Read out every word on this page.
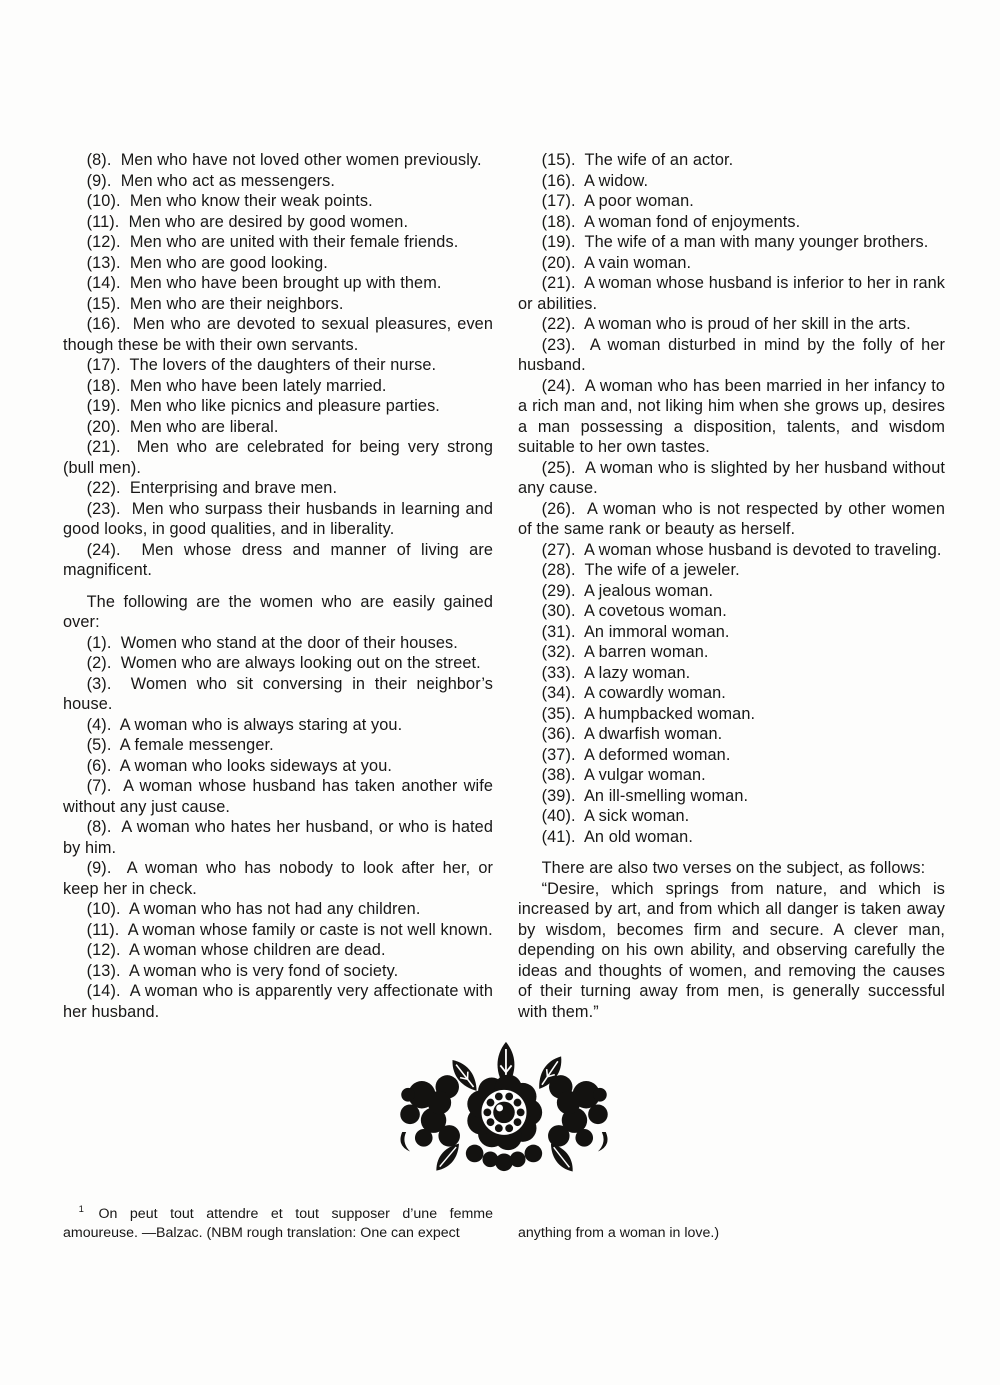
(8).  Men who have not loved other women previously.

(9).  Men who act as messengers.

(10).  Men who know their weak points.

(11).  Men who are desired by good women.

(12).  Men who are united with their female friends.

(13).  Men who are good looking.

(14).  Men who have been brought up with them.

(15).  Men who are their neighbors.

(16).  Men who are devoted to sexual pleasures, even though these be with their own servants.

(17).  The lovers of the daughters of their nurse.

(18).  Men who have been lately married.

(19).  Men who like picnics and pleasure parties.

(20).  Men who are liberal.

(21).  Men who are celebrated for being very strong (bull men).

(22).  Enterprising and brave men.

(23).  Men who surpass their husbands in learning and good looks, in good qualities, and in liberality.

(24).  Men whose dress and manner of living are magnificent.

The following are the women who are easily gained over:

(1).  Women who stand at the door of their houses.

(2).  Women who are always looking out on the street.

(3).  Women who sit conversing in their neighbor’s house.

(4).  A woman who is always staring at you.

(5).  A female messenger.

(6).  A woman who looks sideways at you.

(7).  A woman whose husband has taken another wife without any just cause.

(8).  A woman who hates her husband, or who is hated by him.

(9).  A woman who has nobody to look after her, or keep her in check.

(10).  A woman who has not had any children.

(11).  A woman whose family or caste is not well known.

(12).  A woman whose children are dead.

(13).  A woman who is very fond of society.

(14).  A woman who is apparently very affectionate with her husband.

(15).  The wife of an actor.

(16).  A widow.

(17).  A poor woman.

(18).  A woman fond of enjoyments.

(19).  The wife of a man with many younger brothers.

(20).  A vain woman.

(21).  A woman whose husband is inferior to her in rank or abilities.

(22).  A woman who is proud of her skill in the arts.

(23).  A woman disturbed in mind by the folly of her husband.

(24).  A woman who has been married in her infancy to a rich man and, not liking him when she grows up, desires a man possessing a disposition, talents, and wisdom suitable to her own tastes.

(25).  A woman who is slighted by her husband without any cause.

(26).  A woman who is not respected by other women of the same rank or beauty as herself.

(27).  A woman whose husband is devoted to traveling.

(28).  The wife of a jeweler.

(29).  A jealous woman.

(30).  A covetous woman.

(31).  An immoral woman.

(32).  A barren woman.

(33).  A lazy woman.

(34).  A cowardly woman.

(35).  A humpbacked woman.

(36).  A dwarfish woman.

(37).  A deformed woman.

(38).  A vulgar woman.

(39).  An ill-smelling woman.

(40).  A sick woman.

(41).  An old woman.

There are also two verses on the subject, as follows:

“Desire, which springs from nature, and which is increased by art, and from which all danger is taken away by wisdom, becomes firm and secure. A clever man, depending on his own ability, and observing carefully the ideas and thoughts of women, and removing the causes of their turning away from men, is generally successful with them.”

$^1$ On peut tout attendre et tout supposer d’une femme amoureuse. —Balzac. (NBM rough translation: One can expect	anything from a woman in love.)
